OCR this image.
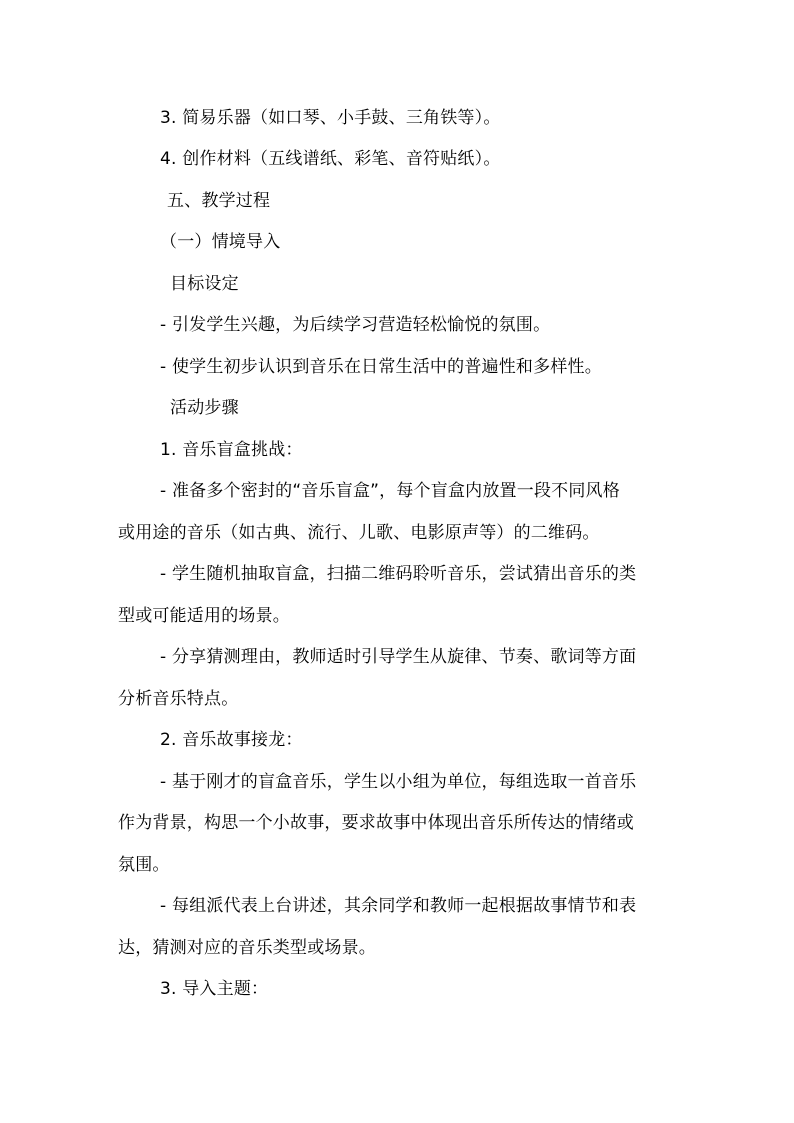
3. 简易乐器（如口琴、小手鼓、三角铁等）。
4. 创作材料（五线谱纸、彩笔、音符贴纸）。
五、教学过程
（一）情境导入
目标设定
- 引发学生兴趣，为后续学习营造轻松愉悦的氛围。
- 使学生初步认识到音乐在日常生活中的普遍性和多样性。
活动步骤
1. 音乐盲盒挑战：
- 准备多个密封的“音乐盲盒”，每个盲盒内放置一段不同风格
或用途的音乐（如古典、流行、儿歌、电影原声等）的二维码。
- 学生随机抽取盲盒，扫描二维码聆听音乐，尝试猜出音乐的类
型或可能适用的场景。
- 分享猜测理由，教师适时引导学生从旋律、节奏、歌词等方面
分析音乐特点。
2. 音乐故事接龙：
- 基于刚才的盲盒音乐，学生以小组为单位，每组选取一首音乐
作为背景，构思一个小故事，要求故事中体现出音乐所传达的情绪或
氛围。
- 每组派代表上台讲述，其余同学和教师一起根据故事情节和表
达，猜测对应的音乐类型或场景。
3. 导入主题：
